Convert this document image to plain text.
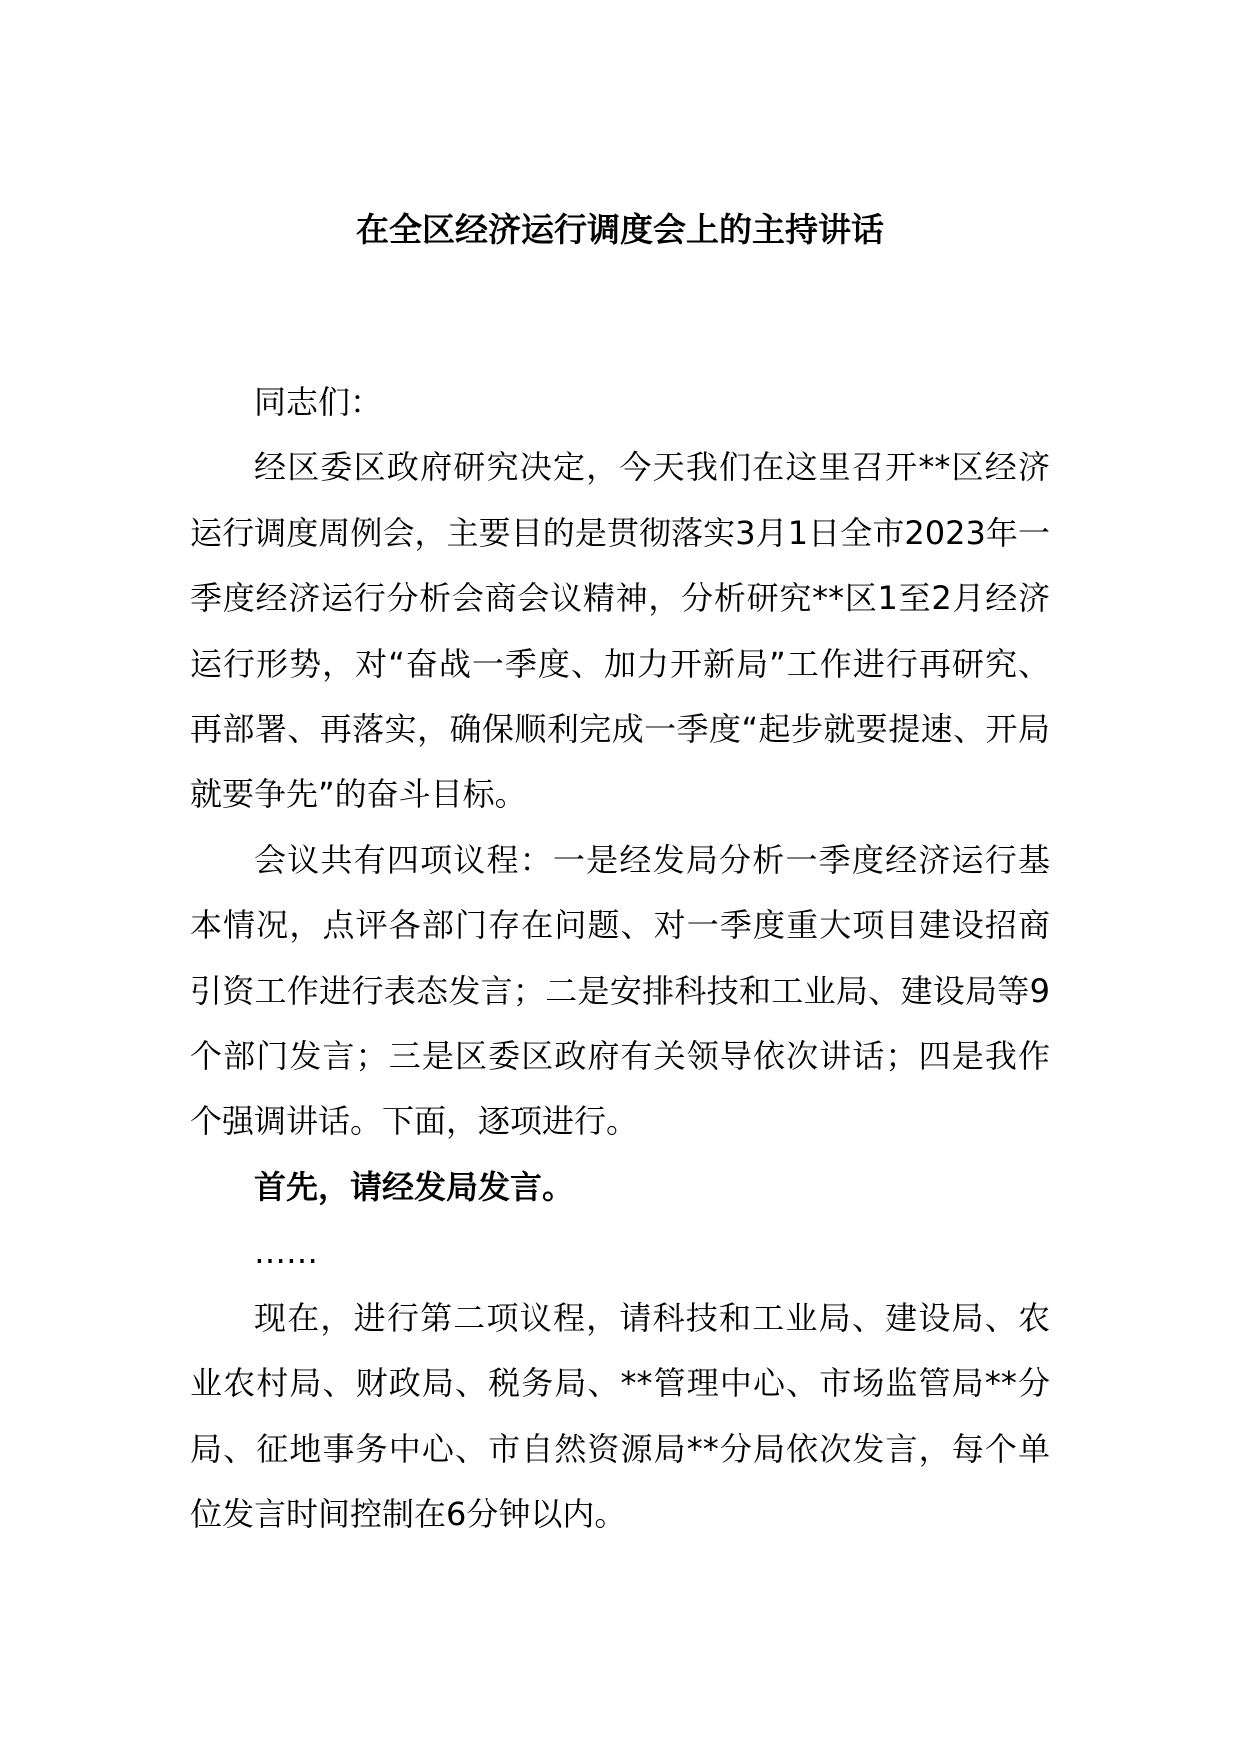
在全区经济运行调度会上的主持讲话

同志们：

经区委区政府研究决定，今天我们在这里召开**区经济运行调度周例会，主要目的是贯彻落实3月1日全市2023年一季度经济运行分析会商会议精神，分析研究**区1至2月经济运行形势，对“奋战一季度、加力开新局”工作进行再研究、再部署、再落实，确保顺利完成一季度“起步就要提速、开局就要争先”的奋斗目标。

会议共有四项议程：一是经发局分析一季度经济运行基本情况，点评各部门存在问题、对一季度重大项目建设招商引资工作进行表态发言；二是安排科技和工业局、建设局等9个部门发言；三是区委区政府有关领导依次讲话；四是我作个强调讲话。下面，逐项进行。

首先，请经发局发言。

……

现在，进行第二项议程，请科技和工业局、建设局、农业农村局、财政局、税务局、**管理中心、市场监管局**分局、征地事务中心、市自然资源局**分局依次发言，每个单位发言时间控制在6分钟以内。
